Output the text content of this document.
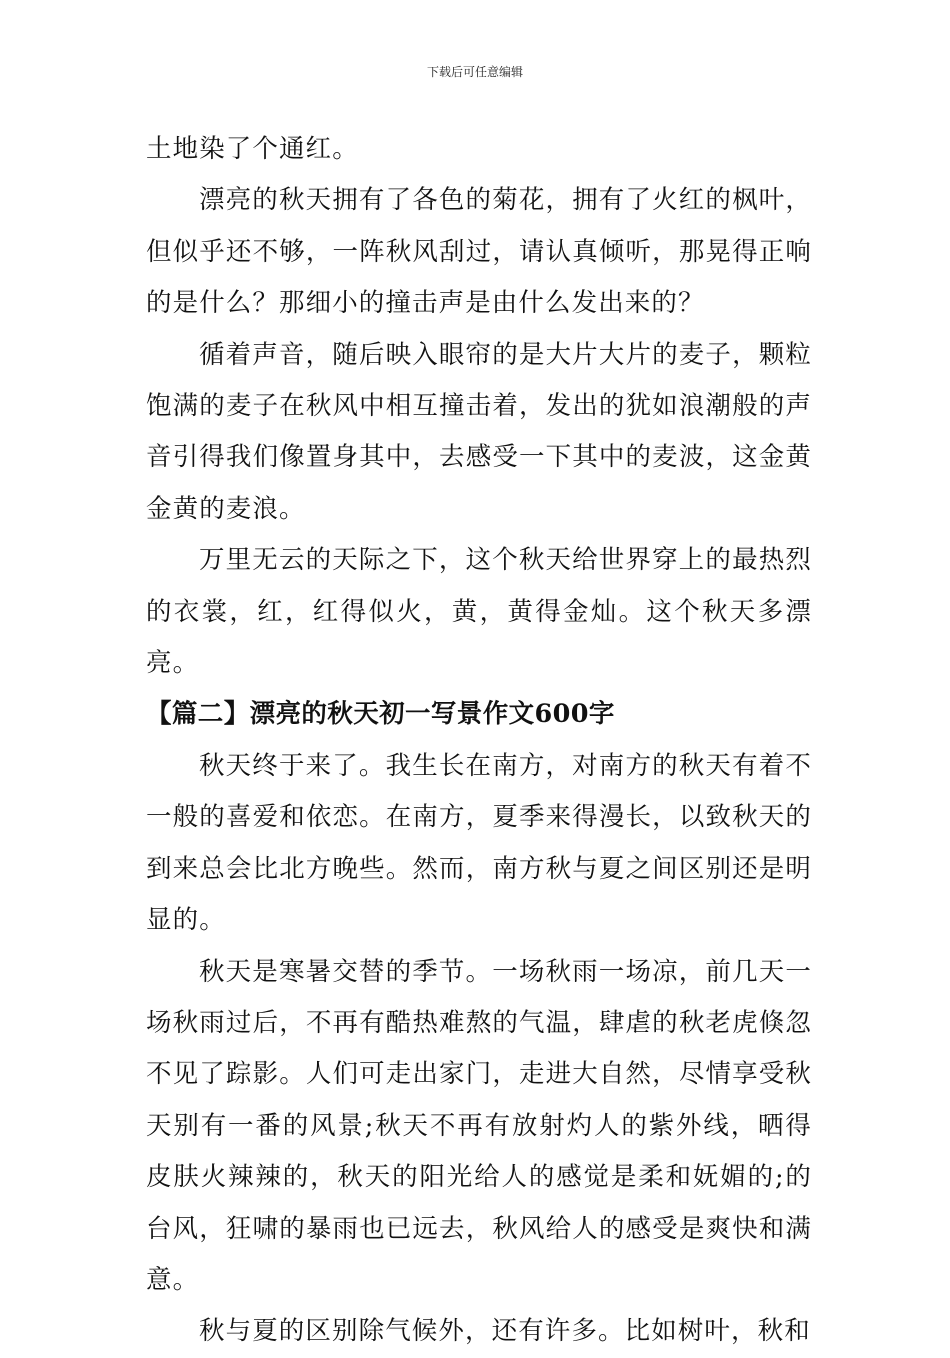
下载后可任意编辑

土地染了个通红。

漂亮的秋天拥有了各色的菊花，拥有了火红的枫叶，但似乎还不够，一阵秋风刮过，请认真倾听，那晃得正响的是什么？那细小的撞击声是由什么发出来的？

循着声音，随后映入眼帘的是大片大片的麦子，颗粒饱满的麦子在秋风中相互撞击着，发出的犹如浪潮般的声音引得我们像置身其中，去感受一下其中的麦波，这金黄金黄的麦浪。

万里无云的天际之下，这个秋天给世界穿上的最热烈的衣裳，红，红得似火，黄，黄得金灿。这个秋天多漂亮。

【篇二】漂亮的秋天初一写景作文600字

秋天终于来了。我生长在南方，对南方的秋天有着不一般的喜爱和依恋。在南方，夏季来得漫长，以致秋天的到来总会比北方晚些。然而，南方秋与夏之间区别还是明显的。

秋天是寒暑交替的季节。一场秋雨一场凉，前几天一场秋雨过后，不再有酷热难熬的气温，肆虐的秋老虎倏忽不见了踪影。人们可走出家门，走进大自然，尽情享受秋天别有一番的风景;秋天不再有放射灼人的紫外线，晒得皮肤火辣辣的，秋天的阳光给人的感觉是柔和妩媚的;的台风，狂啸的暴雨也已远去，秋风给人的感受是爽快和满意。

秋与夏的区别除气候外，还有许多。比如树叶，秋和
